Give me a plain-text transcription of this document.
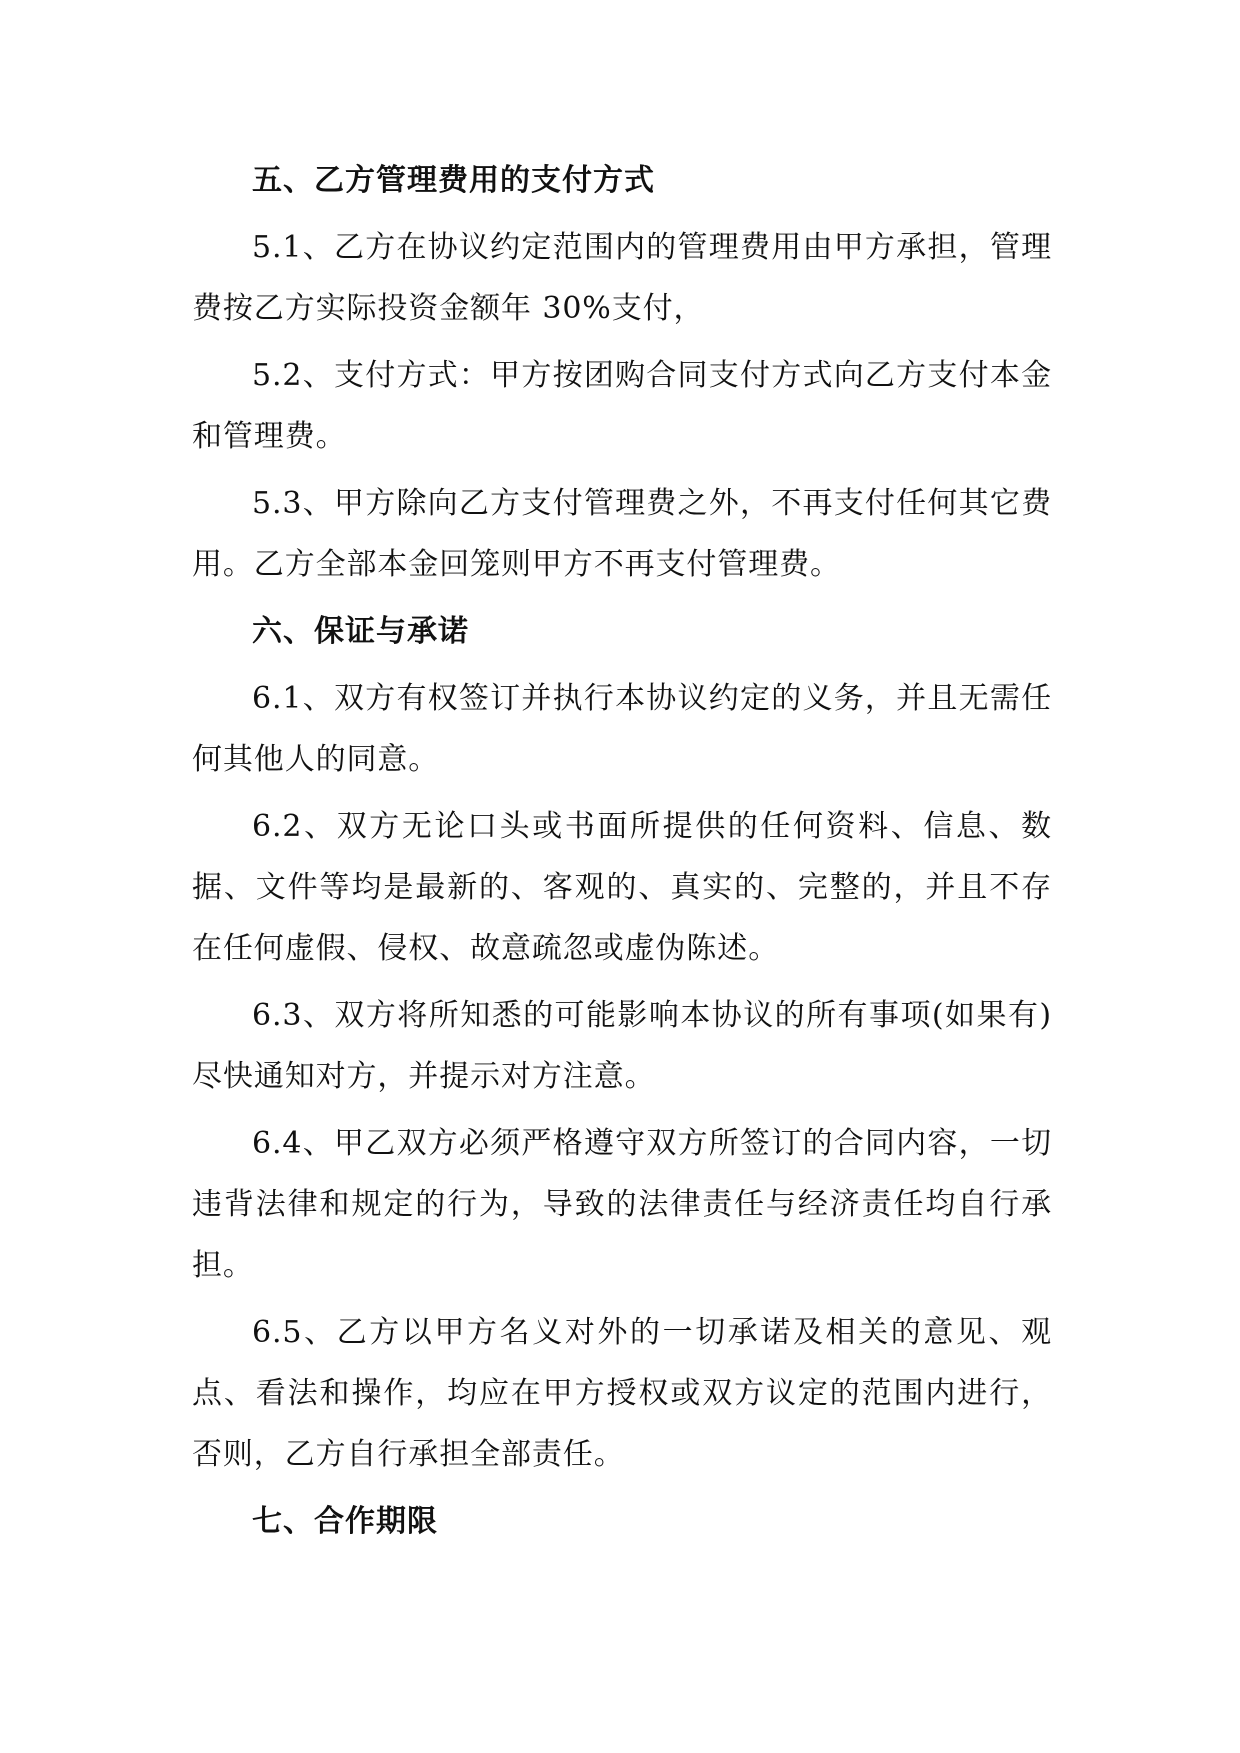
五、乙方管理费用的支付方式

5.1、乙方在协议约定范围内的管理费用由甲方承担，管理费按乙方实际投资金额年 30%支付，

5.2、支付方式：甲方按团购合同支付方式向乙方支付本金和管理费。

5.3、甲方除向乙方支付管理费之外，不再支付任何其它费用。乙方全部本金回笼则甲方不再支付管理费。

六、保证与承诺

6.1、双方有权签订并执行本协议约定的义务，并且无需任何其他人的同意。

6.2、双方无论口头或书面所提供的任何资料、信息、数据、文件等均是最新的、客观的、真实的、完整的，并且不存在任何虚假、侵权、故意疏忽或虚伪陈述。

6.3、双方将所知悉的可能影响本协议的所有事项(如果有)尽快通知对方，并提示对方注意。

6.4、甲乙双方必须严格遵守双方所签订的合同内容，一切违背法律和规定的行为，导致的法律责任与经济责任均自行承担。

6.5、乙方以甲方名义对外的一切承诺及相关的意见、观点、看法和操作，均应在甲方授权或双方议定的范围内进行，否则，乙方自行承担全部责任。

七、合作期限
